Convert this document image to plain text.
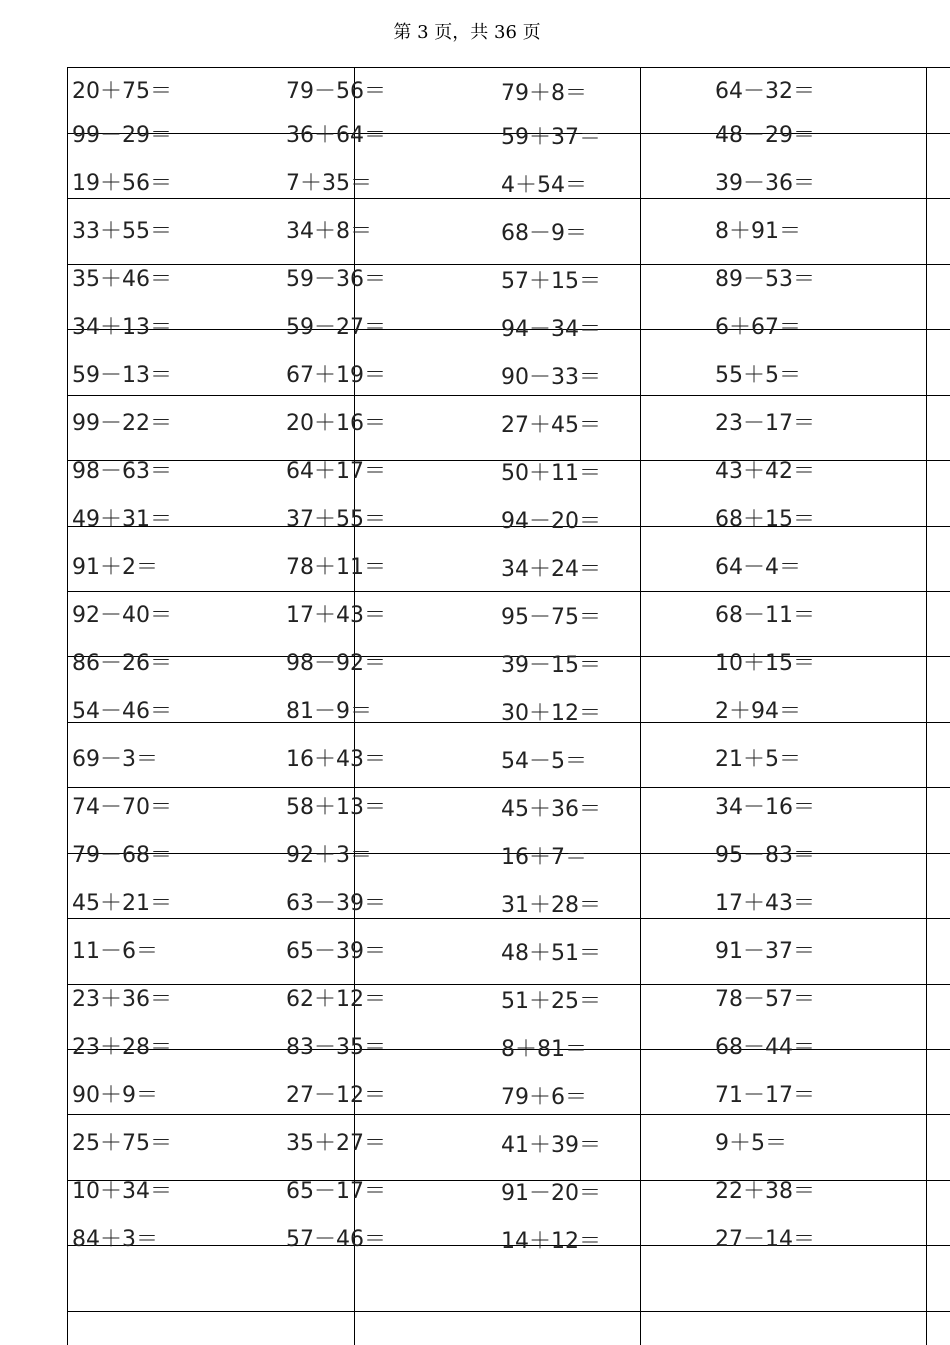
第 3 页，共 36 页
20＋75＝	79－56＝	79＋8＝	64－32＝
99－29＝	36＋64＝	59＋37＝	48－29＝
19＋56＝	7＋35＝	4＋54＝	39－36＝
33＋55＝	34＋8＝	68－9＝	8＋91＝
35＋46＝	59－36＝	57＋15＝	89－53＝
34＋13＝	59－27＝	94－34＝	6＋67＝
59－13＝	67＋19＝	90－33＝	55＋5＝
99－22＝	20＋16＝	27＋45＝	23－17＝
98－63＝	64＋17＝	50＋11＝	43＋42＝
49＋31＝	37＋55＝	94－20＝	68＋15＝
91＋2＝	78＋11＝	34＋24＝	64－4＝
92－40＝	17＋43＝	95－75＝	68－11＝
86－26＝	98－92＝	39－15＝	10＋15＝
54－46＝	81－9＝	30＋12＝	2＋94＝
69－3＝	16＋43＝	54－5＝	21＋5＝
74－70＝	58＋13＝	45＋36＝	34－16＝
79－68＝	92＋3＝	16＋7＝	95－83＝
45＋21＝	63－39＝	31＋28＝	17＋43＝
11－6＝	65－39＝	48＋51＝	91－37＝
23＋36＝	62＋12＝	51＋25＝	78－57＝
23＋28＝	83－35＝	8＋81＝	68－44＝
90＋9＝	27－12＝	79＋6＝	71－17＝
25＋75＝	35＋27＝	41＋39＝	9＋5＝
10＋34＝	65－17＝	91－20＝	22＋38＝
84＋3＝	57－46＝	14＋12＝	27－14＝
